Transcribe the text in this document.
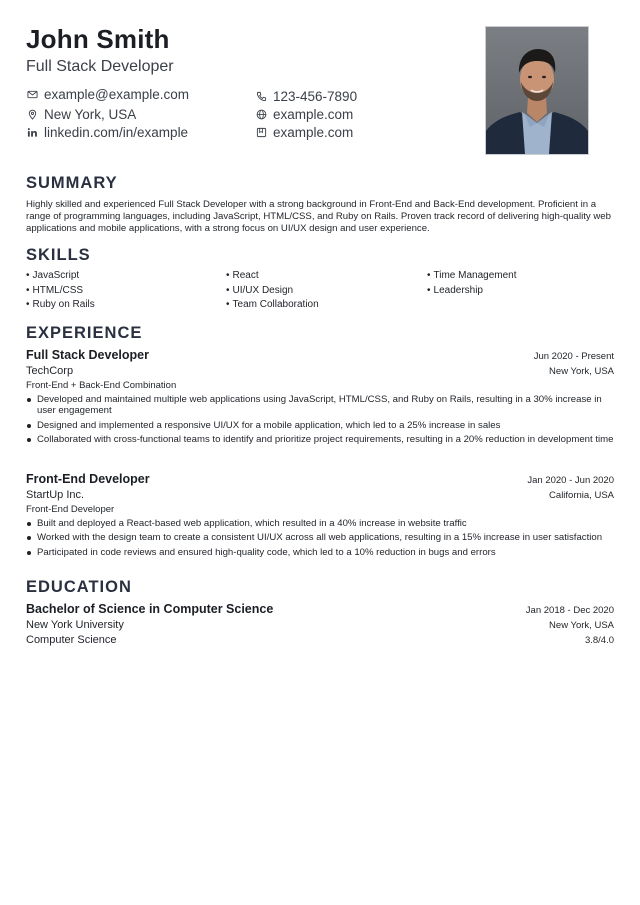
John Smith
Full Stack Developer
example@example.com	123-456-7890
New York, USA	example.com
linkedin.com/in/example	example.com
SUMMARY
Highly skilled and experienced Full Stack Developer with a strong background in Front-End and Back-End development. Proficient in a range of programming languages, including JavaScript, HTML/CSS, and Ruby on Rails. Proven track record of delivering high-quality web applications and mobile applications, with a strong focus on UI/UX design and user experience.
SKILLS
• JavaScript	• React	• Time Management
• HTML/CSS	• UI/UX Design	• Leadership
• Ruby on Rails	• Team Collaboration
EXPERIENCE
Full Stack Developer	Jun 2020 - Present
TechCorp	New York, USA
Front-End + Back-End Combination
Developed and maintained multiple web applications using JavaScript, HTML/CSS, and Ruby on Rails, resulting in a 30% increase in user engagement
Designed and implemented a responsive UI/UX for a mobile application, which led to a 25% increase in sales
Collaborated with cross-functional teams to identify and prioritize project requirements, resulting in a 20% reduction in development time
Front-End Developer	Jan 2020 - Jun 2020
StartUp Inc.	California, USA
Front-End Developer
Built and deployed a React-based web application, which resulted in a 40% increase in website traffic
Worked with the design team to create a consistent UI/UX across all web applications, resulting in a 15% increase in user satisfaction
Participated in code reviews and ensured high-quality code, which led to a 10% reduction in bugs and errors
EDUCATION
Bachelor of Science in Computer Science	Jan 2018 - Dec 2020
New York University	New York, USA
Computer Science	3.8/4.0
